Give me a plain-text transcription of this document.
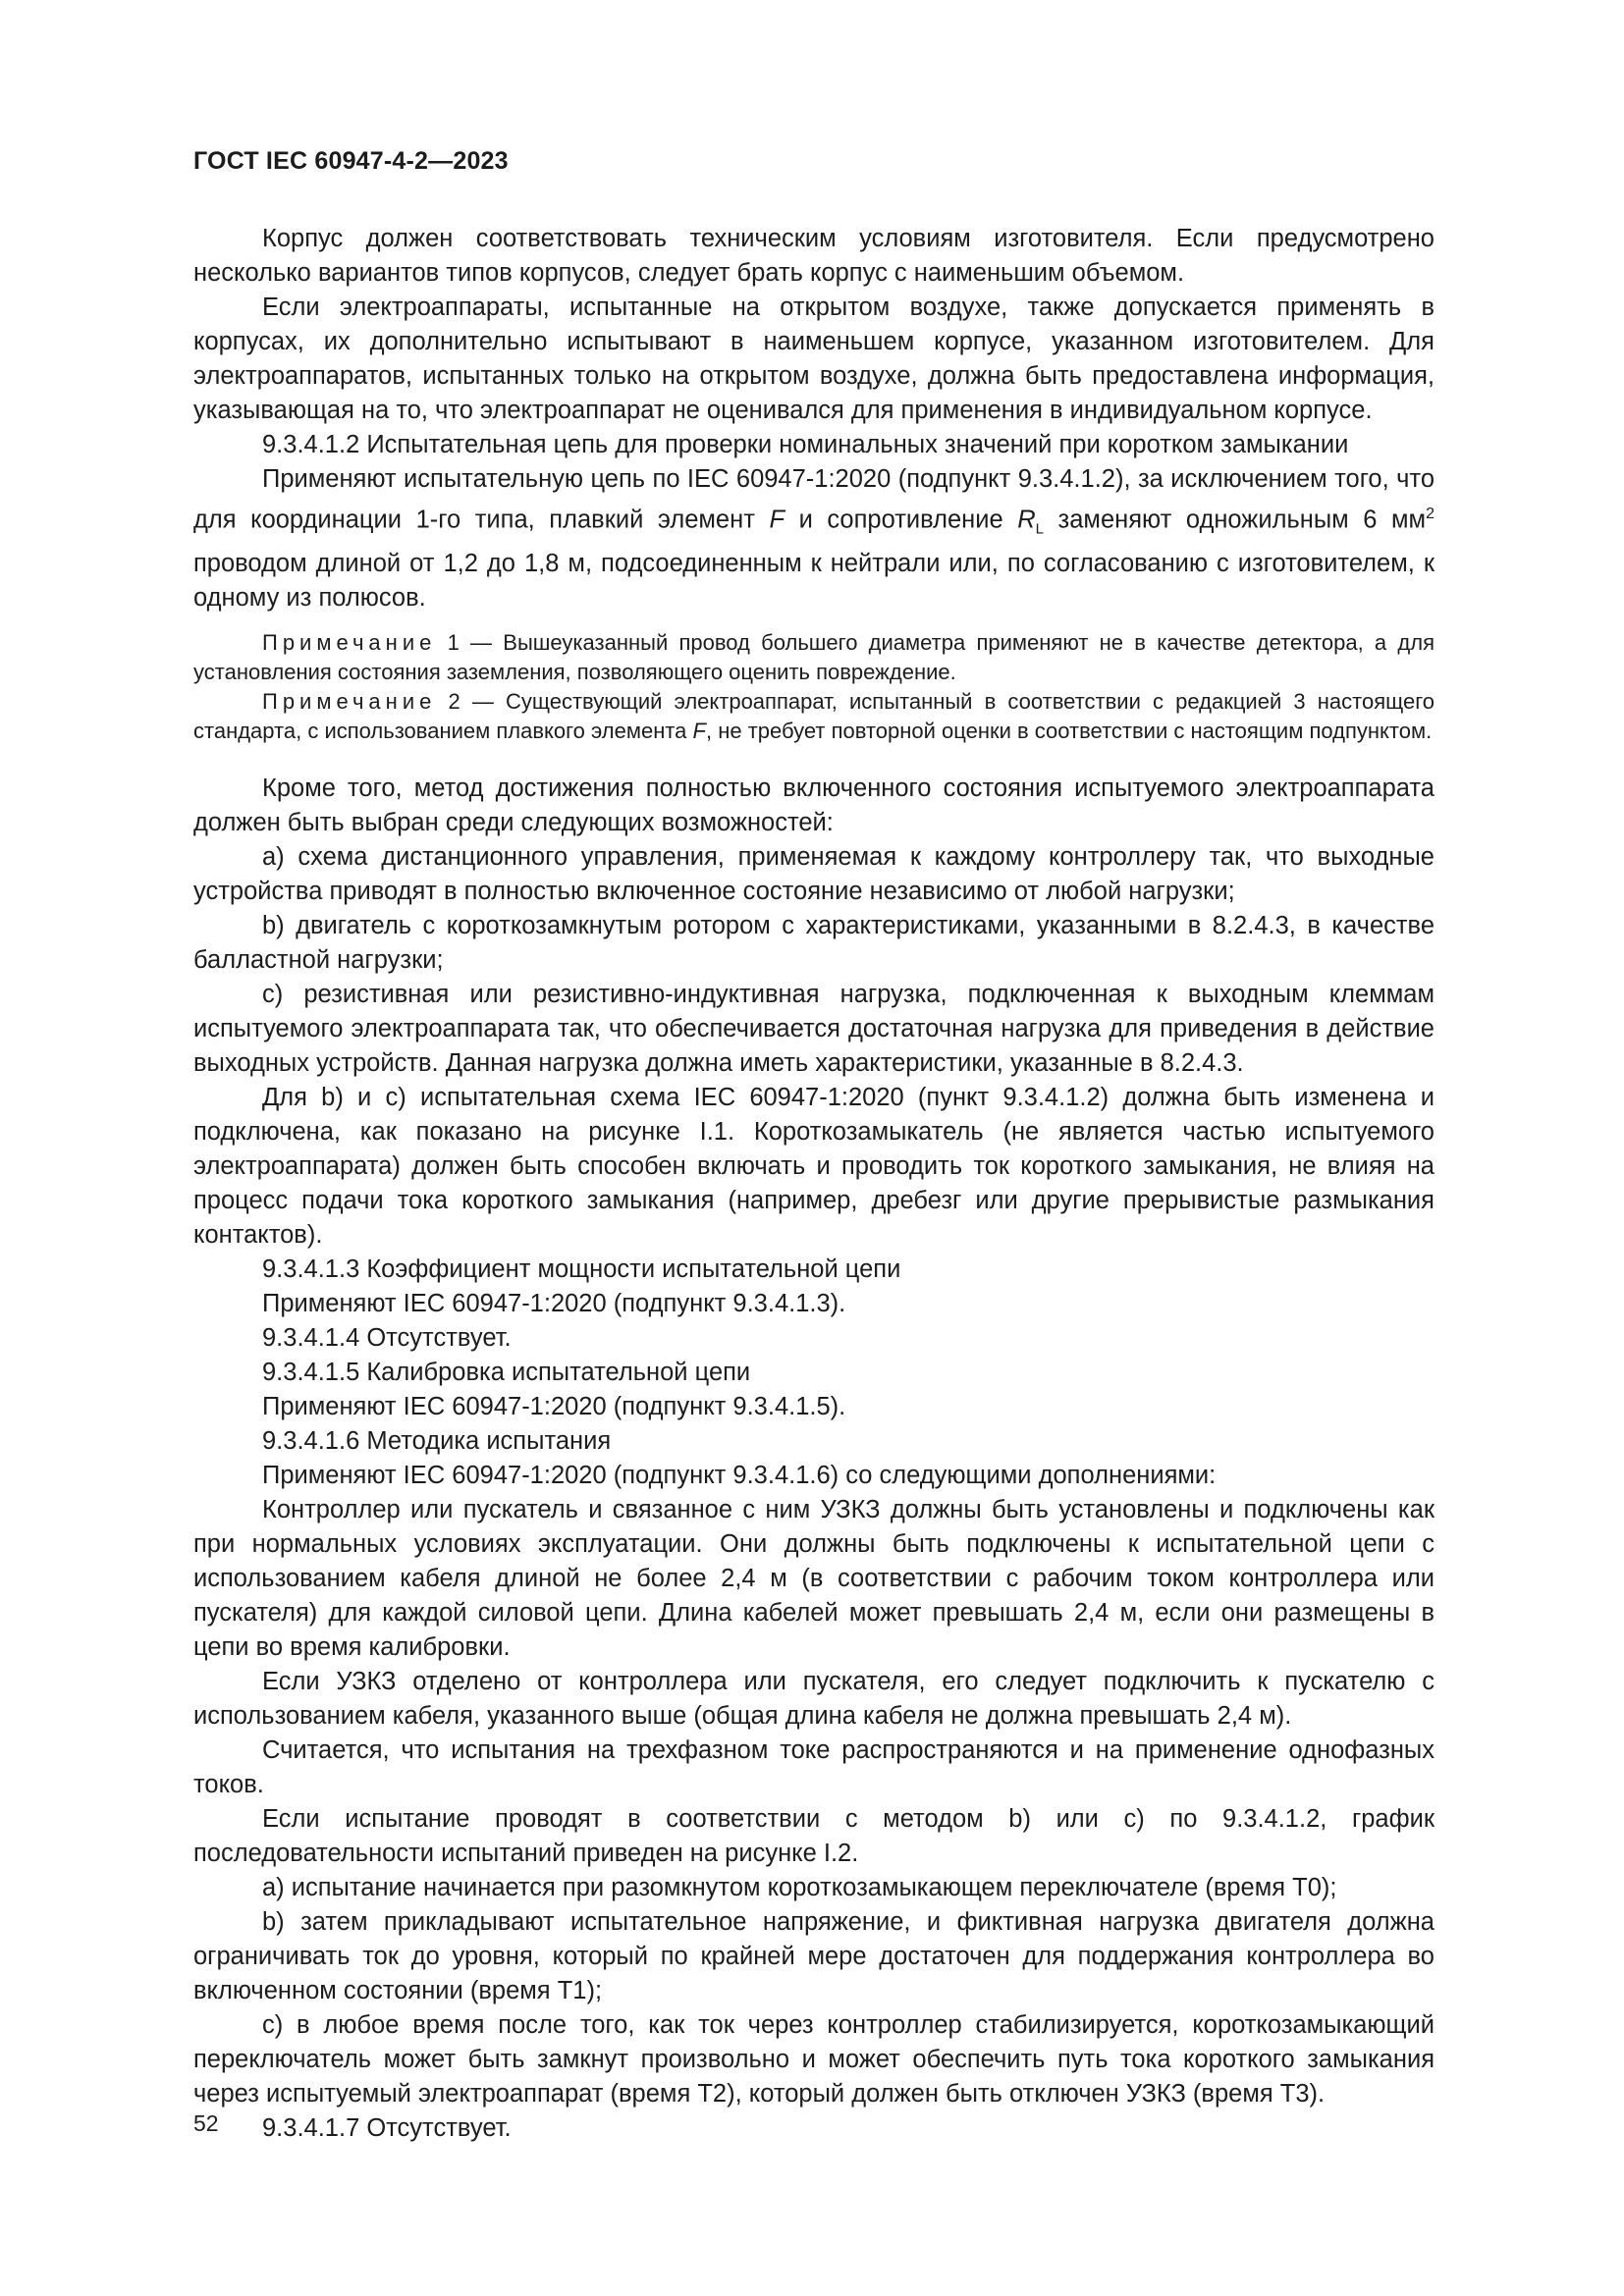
ГОСТ IEC 60947-4-2—2023

Корпус должен соответствовать техническим условиям изготовителя. Если предусмотрено несколько вариантов типов корпусов, следует брать корпус с наименьшим объемом.

Если электроаппараты, испытанные на открытом воздухе, также допускается применять в корпусах, их дополнительно испытывают в наименьшем корпусе, указанном изготовителем. Для электроаппаратов, испытанных только на открытом воздухе, должна быть предоставлена информация, указывающая на то, что электроаппарат не оценивался для применения в индивидуальном корпусе.

9.3.4.1.2 Испытательная цепь для проверки номинальных значений при коротком замыкании

Применяют испытательную цепь по IEC 60947-1:2020 (подпункт 9.3.4.1.2), за исключением того, что для координации 1-го типа, плавкий элемент F и сопротивление $R_L$ заменяют одножильным 6 $мм^2$ проводом длиной от 1,2 до 1,8 м, подсоединенным к нейтрали или, по согласованию с изготовителем, к одному из полюсов.

Примечание 1 — Вышеуказанный провод большего диаметра применяют не в качестве детектора, а для установления состояния заземления, позволяющего оценить повреждение.

Примечание 2 — Существующий электроаппарат, испытанный в соответствии с редакцией 3 настоящего стандарта, с использованием плавкого элемента F, не требует повторной оценки в соответствии с настоящим подпунктом.

Кроме того, метод достижения полностью включенного состояния испытуемого электроаппарата должен быть выбран среди следующих возможностей:

a) схема дистанционного управления, применяемая к каждому контроллеру так, что выходные устройства приводят в полностью включенное состояние независимо от любой нагрузки;

b) двигатель с короткозамкнутым ротором с характеристиками, указанными в 8.2.4.3, в качестве балластной нагрузки;

c) резистивная или резистивно-индуктивная нагрузка, подключенная к выходным клеммам испытуемого электроаппарата так, что обеспечивается достаточная нагрузка для приведения в действие выходных устройств. Данная нагрузка должна иметь характеристики, указанные в 8.2.4.3.

Для b) и c) испытательная схема IEC 60947-1:2020 (пункт 9.3.4.1.2) должна быть изменена и подключена, как показано на рисунке I.1. Короткозамыкатель (не является частью испытуемого электроаппарата) должен быть способен включать и проводить ток короткого замыкания, не влияя на процесс подачи тока короткого замыкания (например, дребезг или другие прерывистые размыкания контактов).

9.3.4.1.3 Коэффициент мощности испытательной цепи

Применяют IEC 60947-1:2020 (подпункт 9.3.4.1.3).

9.3.4.1.4 Отсутствует.

9.3.4.1.5 Калибровка испытательной цепи

Применяют IEC 60947-1:2020 (подпункт 9.3.4.1.5).

9.3.4.1.6 Методика испытания

Применяют IEC 60947-1:2020 (подпункт 9.3.4.1.6) со следующими дополнениями:

Контроллер или пускатель и связанное с ним УЗКЗ должны быть установлены и подключены как при нормальных условиях эксплуатации. Они должны быть подключены к испытательной цепи с использованием кабеля длиной не более 2,4 м (в соответствии с рабочим током контроллера или пускателя) для каждой силовой цепи. Длина кабелей может превышать 2,4 м, если они размещены в цепи во время калибровки.

Если УЗКЗ отделено от контроллера или пускателя, его следует подключить к пускателю с использованием кабеля, указанного выше (общая длина кабеля не должна превышать 2,4 м).

Считается, что испытания на трехфазном токе распространяются и на применение однофазных токов.

Если испытание проводят в соответствии с методом b) или c) по 9.3.4.1.2, график последовательности испытаний приведен на рисунке I.2.

a) испытание начинается при разомкнутом короткозамыкающем переключателе (время Т0);

b) затем прикладывают испытательное напряжение, и фиктивная нагрузка двигателя должна ограничивать ток до уровня, который по крайней мере достаточен для поддержания контроллера во включенном состоянии (время Т1);

c) в любое время после того, как ток через контроллер стабилизируется, короткозамыкающий переключатель может быть замкнут произвольно и может обеспечить путь тока короткого замыкания через испытуемый электроаппарат (время Т2), который должен быть отключен УЗКЗ (время Т3).

9.3.4.1.7 Отсутствует.

52
